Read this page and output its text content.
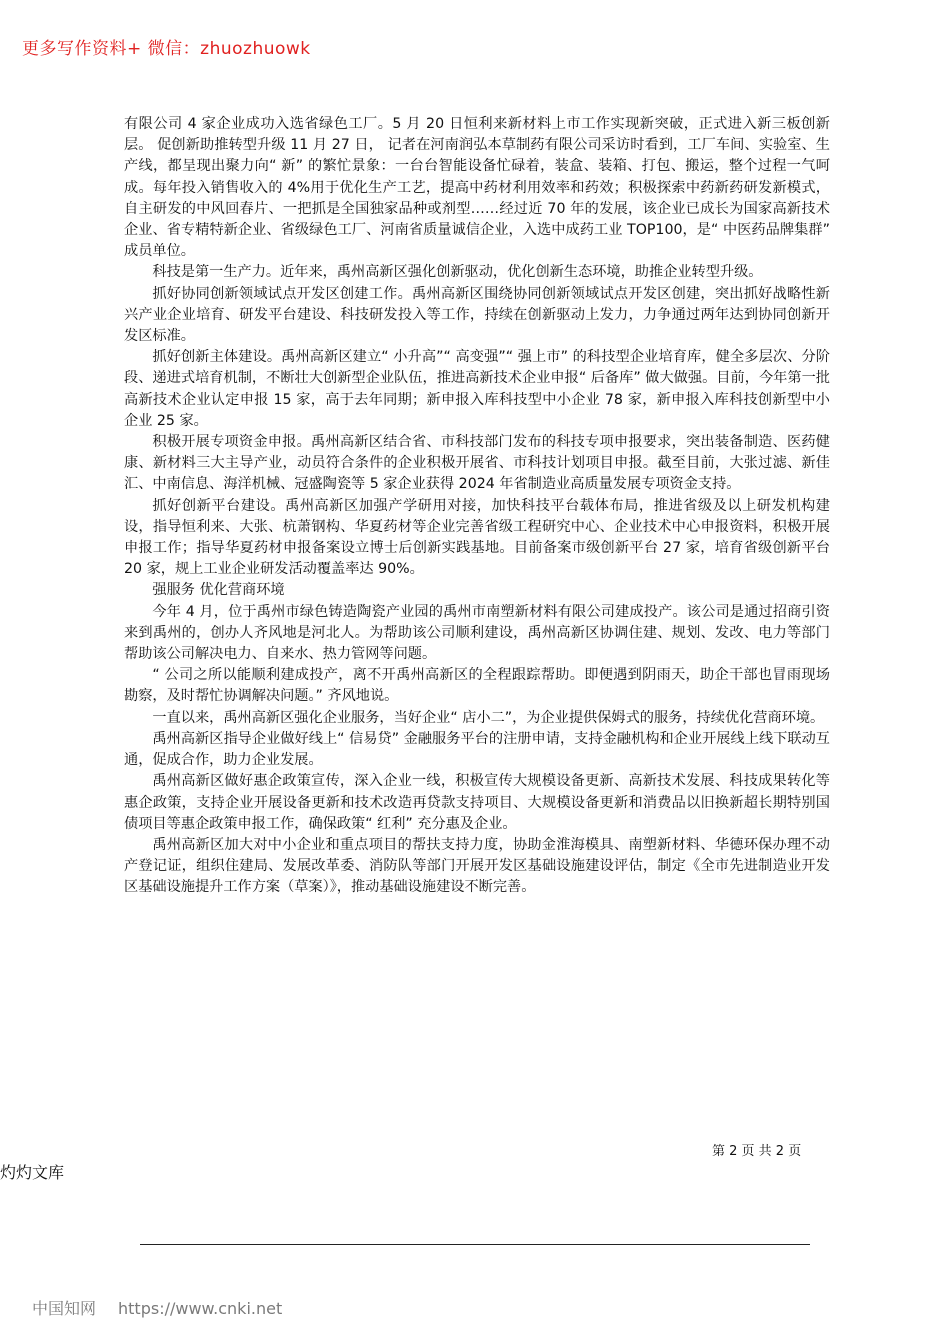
更多写作资料+ 微信：zhuozhuowk

有限公司 4 家企业成功入选省绿色工厂。5 月 20 日恒利来新材料上市工作实现新突破，正式进入新三板创新层。 促创新助推转型升级 11 月 27 日， 记者在河南润弘本草制药有限公司采访时看到，工厂车间、实验室、生产线，都呈现出聚力向“ 新” 的繁忙景象：一台台智能设备忙碌着，装盒、装箱、打包、搬运，整个过程一气呵成。每年投入销售收入的 4%用于优化生产工艺，提高中药材利用效率和药效；积极探索中药新药研发新模式，自主研发的中风回春片、一把抓是全国独家品种或剂型……经过近 70 年的发展，该企业已成长为国家高新技术企业、省专精特新企业、省级绿色工厂、河南省质量诚信企业，入选中成药工业 TOP100，是“ 中医药品牌集群” 成员单位。

科技是第一生产力。近年来，禹州高新区强化创新驱动，优化创新生态环境，助推企业转型升级。

抓好协同创新领域试点开发区创建工作。禹州高新区围绕协同创新领域试点开发区创建，突出抓好战略性新兴产业企业培育、研发平台建设、科技研发投入等工作，持续在创新驱动上发力，力争通过两年达到协同创新开发区标准。

抓好创新主体建设。禹州高新区建立“ 小升高”“ 高变强”“ 强上市” 的科技型企业培育库，健全多层次、分阶段、递进式培育机制，不断壮大创新型企业队伍，推进高新技术企业申报“ 后备库” 做大做强。目前，今年第一批高新技术企业认定申报 15 家，高于去年同期；新申报入库科技型中小企业 78 家，新申报入库科技创新型中小企业 25 家。

积极开展专项资金申报。禹州高新区结合省、市科技部门发布的科技专项申报要求，突出装备制造、医药健康、新材料三大主导产业，动员符合条件的企业积极开展省、市科技计划项目申报。截至目前，大张过滤、新佳汇、中南信息、海洋机械、冠盛陶瓷等 5 家企业获得 2024 年省制造业高质量发展专项资金支持。

抓好创新平台建设。禹州高新区加强产学研用对接，加快科技平台载体布局，推进省级及以上研发机构建设，指导恒利来、大张、杭萧钢构、华夏药材等企业完善省级工程研究中心、企业技术中心申报资料，积极开展申报工作；指导华夏药材申报备案设立博士后创新实践基地。目前备案市级创新平台 27 家，培育省级创新平台 20 家，规上工业企业研发活动覆盖率达 90%。

强服务 优化营商环境

今年 4 月，位于禹州市绿色铸造陶瓷产业园的禹州市南塑新材料有限公司建成投产。该公司是通过招商引资来到禹州的，创办人齐风地是河北人。为帮助该公司顺利建设，禹州高新区协调住建、规划、发改、电力等部门帮助该公司解决电力、自来水、热力管网等问题。

“ 公司之所以能顺利建成投产，离不开禹州高新区的全程跟踪帮助。即便遇到阴雨天，助企干部也冒雨现场勘察，及时帮忙协调解决问题。” 齐风地说。

一直以来，禹州高新区强化企业服务，当好企业“ 店小二”，为企业提供保姆式的服务，持续优化营商环境。

禹州高新区指导企业做好线上“ 信易贷” 金融服务平台的注册申请，支持金融机构和企业开展线上线下联动互通，促成合作，助力企业发展。

禹州高新区做好惠企政策宣传，深入企业一线，积极宣传大规模设备更新、高新技术发展、科技成果转化等惠企政策，支持企业开展设备更新和技术改造再贷款支持项目、大规模设备更新和消费品以旧换新超长期特别国债项目等惠企政策申报工作，确保政策“ 红利” 充分惠及企业。

禹州高新区加大对中小企业和重点项目的帮扶支持力度，协助金淮海模具、南塑新材料、华德环保办理不动产登记证，组织住建局、发展改革委、消防队等部门开展开发区基础设施建设评估，制定《全市先进制造业开发区基础设施提升工作方案（草案）》，推动基础设施建设不断完善。

第 2 页 共 2 页
灼灼文库
中国知网 https://www.cnki.net
